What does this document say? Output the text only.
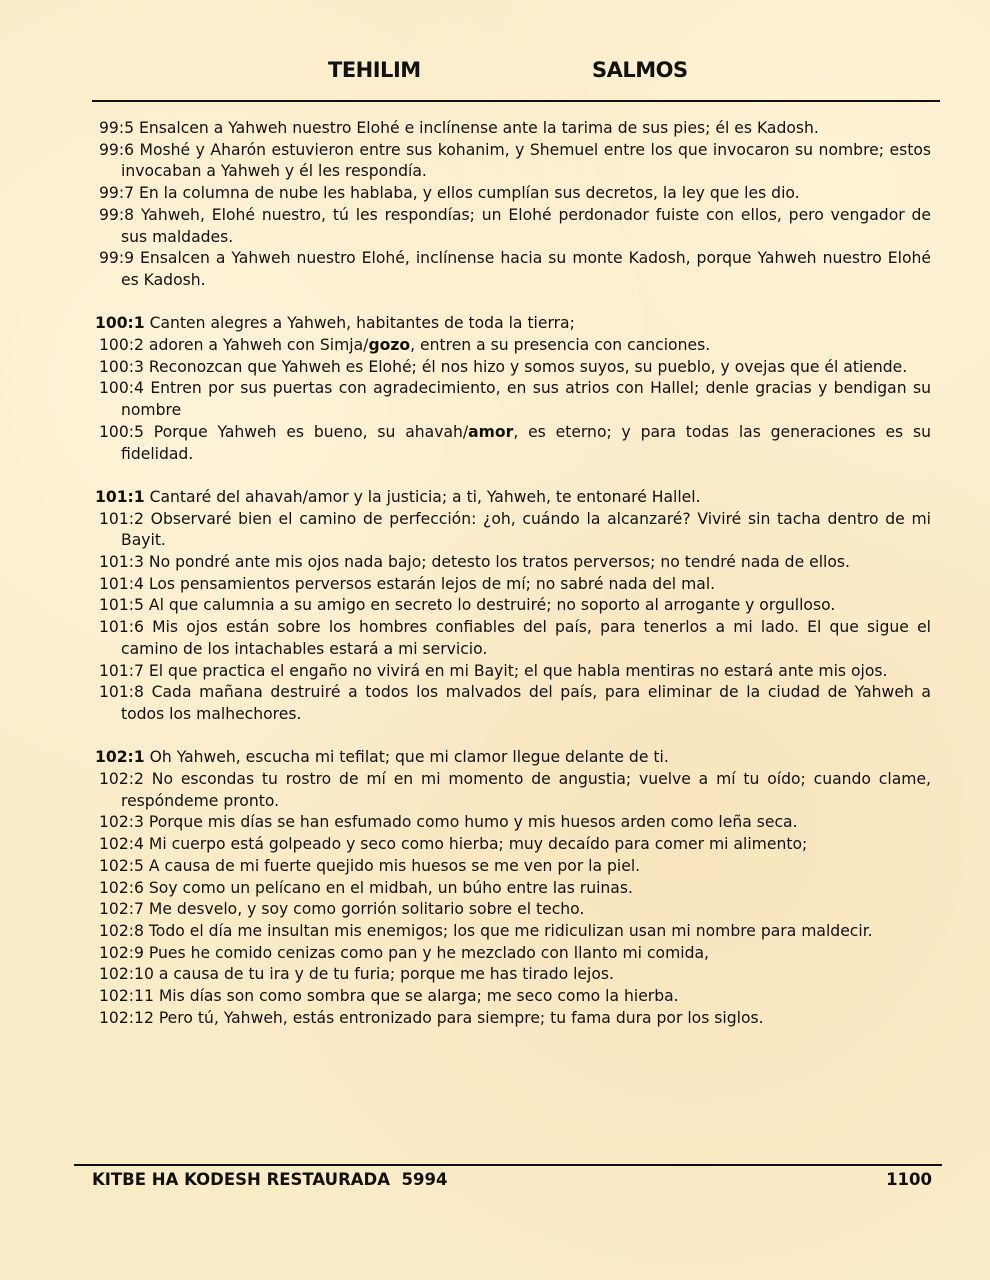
TEHILIM	SALMOS

99:5 Ensalcen a Yahweh nuestro Elohé e inclínense ante la tarima de sus pies; él es Kadosh.

99:6 Moshé y Aharón estuvieron entre sus kohanim, y Shemuel entre los que invocaron su nombre; estos invocaban a Yahweh y él les respondía.

99:7 En la columna de nube les hablaba, y ellos cumplían sus decretos, la ley que les dio.

99:8 Yahweh, Elohé nuestro, tú les respondías; un Elohé perdonador fuiste con ellos, pero vengador de sus maldades.

99:9 Ensalcen a Yahweh nuestro Elohé, inclínense hacia su monte Kadosh, porque Yahweh nuestro Elohé es Kadosh.

100:1 Canten alegres a Yahweh, habitantes de toda la tierra;

100:2 adoren a Yahweh con Simja/gozo, entren a su presencia con canciones.

100:3 Reconozcan que Yahweh es Elohé; él nos hizo y somos suyos, su pueblo, y ovejas que él atiende.

100:4 Entren por sus puertas con agradecimiento, en sus atrios con Hallel; denle gracias y bendigan su nombre

100:5 Porque Yahweh es bueno, su ahavah/amor, es eterno; y para todas las generaciones es su fidelidad.

101:1 Cantaré del ahavah/amor y la justicia; a ti, Yahweh, te entonaré Hallel.

101:2 Observaré bien el camino de perfección: ¿oh, cuándo la alcanzaré? Viviré sin tacha dentro de mi Bayit.

101:3 No pondré ante mis ojos nada bajo; detesto los tratos perversos; no tendré nada de ellos.

101:4 Los pensamientos perversos estarán lejos de mí; no sabré nada del mal.

101:5 Al que calumnia a su amigo en secreto lo destruiré; no soporto al arrogante y orgulloso.

101:6 Mis ojos están sobre los hombres confiables del país, para tenerlos a mi lado. El que sigue el camino de los intachables estará a mi servicio.

101:7 El que practica el engaño no vivirá en mi Bayit; el que habla mentiras no estará ante mis ojos.

101:8 Cada mañana destruiré a todos los malvados del país, para eliminar de la ciudad de Yahweh a todos los malhechores.

102:1 Oh Yahweh, escucha mi tefilat; que mi clamor llegue delante de ti.

102:2 No escondas tu rostro de mí en mi momento de angustia; vuelve a mí tu oído; cuando clame, respóndeme pronto.

102:3 Porque mis días se han esfumado como humo y mis huesos arden como leña seca.

102:4 Mi cuerpo está golpeado y seco como hierba; muy decaído para comer mi alimento;

102:5 A causa de mi fuerte quejido mis huesos se me ven por la piel.

102:6 Soy como un pelícano en el midbah, un búho entre las ruinas.

102:7 Me desvelo, y soy como gorrión solitario sobre el techo.

102:8 Todo el día me insultan mis enemigos; los que me ridiculizan usan mi nombre para maldecir.

102:9 Pues he comido cenizas como pan y he mezclado con llanto mi comida,

102:10 a causa de tu ira y de tu furia; porque me has tirado lejos.

102:11 Mis días son como sombra que se alarga; me seco como la hierba.

102:12 Pero tú, Yahweh, estás entronizado para siempre; tu fama dura por los siglos.

KITBE HA KODESH RESTAURADA  5994	1100
